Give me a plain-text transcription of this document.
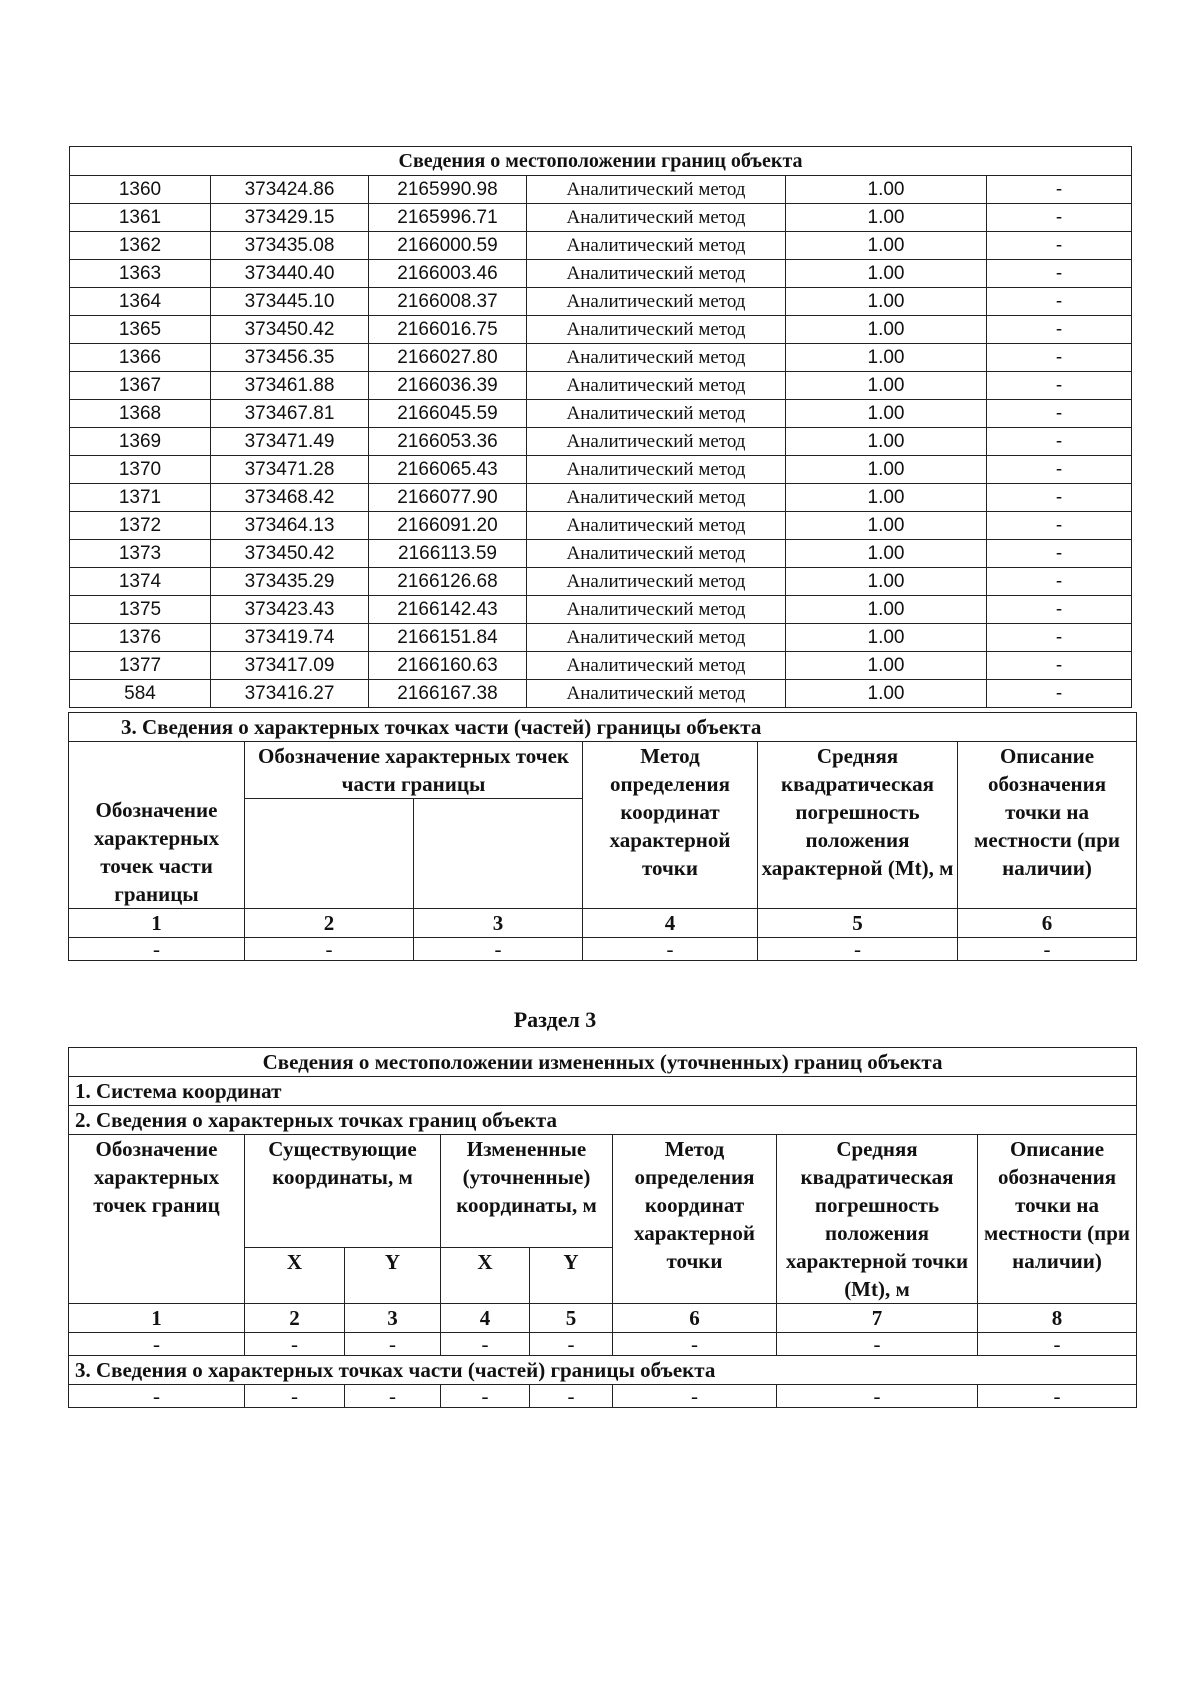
Сведения о местоположении границ объекта					
1360	373424.86	2165990.98	Аналитический метод	1.00	-
1361	373429.15	2165996.71	Аналитический метод	1.00	-
1362	373435.08	2166000.59	Аналитический метод	1.00	-
1363	373440.40	2166003.46	Аналитический метод	1.00	-
1364	373445.10	2166008.37	Аналитический метод	1.00	-
1365	373450.42	2166016.75	Аналитический метод	1.00	-
1366	373456.35	2166027.80	Аналитический метод	1.00	-
1367	373461.88	2166036.39	Аналитический метод	1.00	-
1368	373467.81	2166045.59	Аналитический метод	1.00	-
1369	373471.49	2166053.36	Аналитический метод	1.00	-
1370	373471.28	2166065.43	Аналитический метод	1.00	-
1371	373468.42	2166077.90	Аналитический метод	1.00	-
1372	373464.13	2166091.20	Аналитический метод	1.00	-
1373	373450.42	2166113.59	Аналитический метод	1.00	-
1374	373435.29	2166126.68	Аналитический метод	1.00	-
1375	373423.43	2166142.43	Аналитический метод	1.00	-
1376	373419.74	2166151.84	Аналитический метод	1.00	-
1377	373417.09	2166160.63	Аналитический метод	1.00	-
584	373416.27	2166167.38	Аналитический метод	1.00	-
3. Сведения о характерных точках части (частей) границы объекта					
Обозначение характерных точек части границы	Обозначение характерных точек части границы		Метод определения координат характерной точки	Средняя квадратическая погрешность положения характерной (Mt), м	Описание обозначения точки на местности (при наличии)

1	2	3	4	5	6
-	-	-	-	-	-
Раздел 3
Сведения о местоположении измененных (уточненных) границ объекта							
1. Система координат							
2. Сведения о характерных точках границ объекта							
Обозначение характерных точек границ	Существующие координаты, м		Измененные (уточненные) координаты, м		Метод определения координат характерной точки	Средняя квадратическая погрешность положения характерной точки (Mt), м	Описание обозначения точки на местности (при наличии)
	X	Y	X	Y			
1	2	3	4	5	6	7	8
-	-	-	-	-	-	-	-
3. Сведения о характерных точках части (частей) границы объекта							
-	-	-	-	-	-	-	-
